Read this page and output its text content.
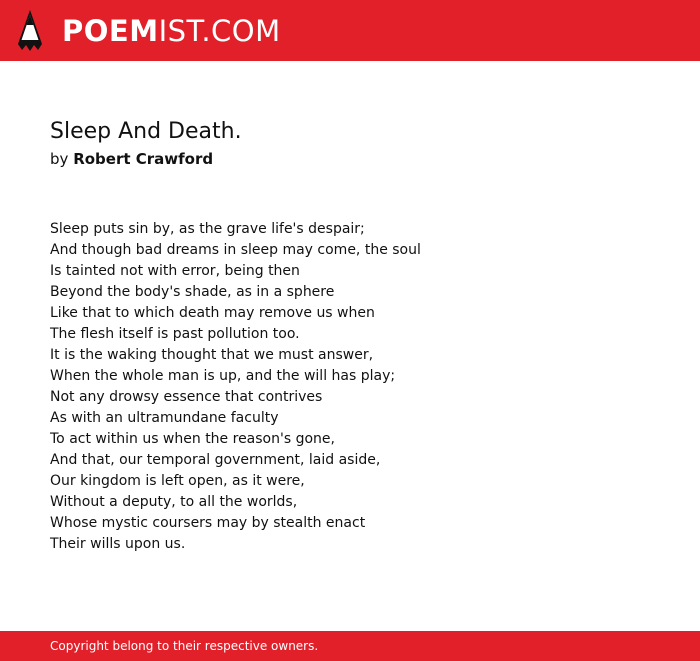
POEMIST.COM
Sleep And Death.
by Robert Crawford
Sleep puts sin by, as the grave life's despair;
And though bad dreams in sleep may come, the soul
Is tainted not with error, being then
Beyond the body's shade, as in a sphere
Like that to which death may remove us when
The flesh itself is past pollution too.
It is the waking thought that we must answer,
When the whole man is up, and the will has play;
Not any drowsy essence that contrives
As with an ultramundane faculty
To act within us when the reason's gone,
And that, our temporal government, laid aside,
Our kingdom is left open, as it were,
Without a deputy, to all the worlds,
Whose mystic coursers may by stealth enact
Their wills upon us.
Copyright belong to their respective owners.
